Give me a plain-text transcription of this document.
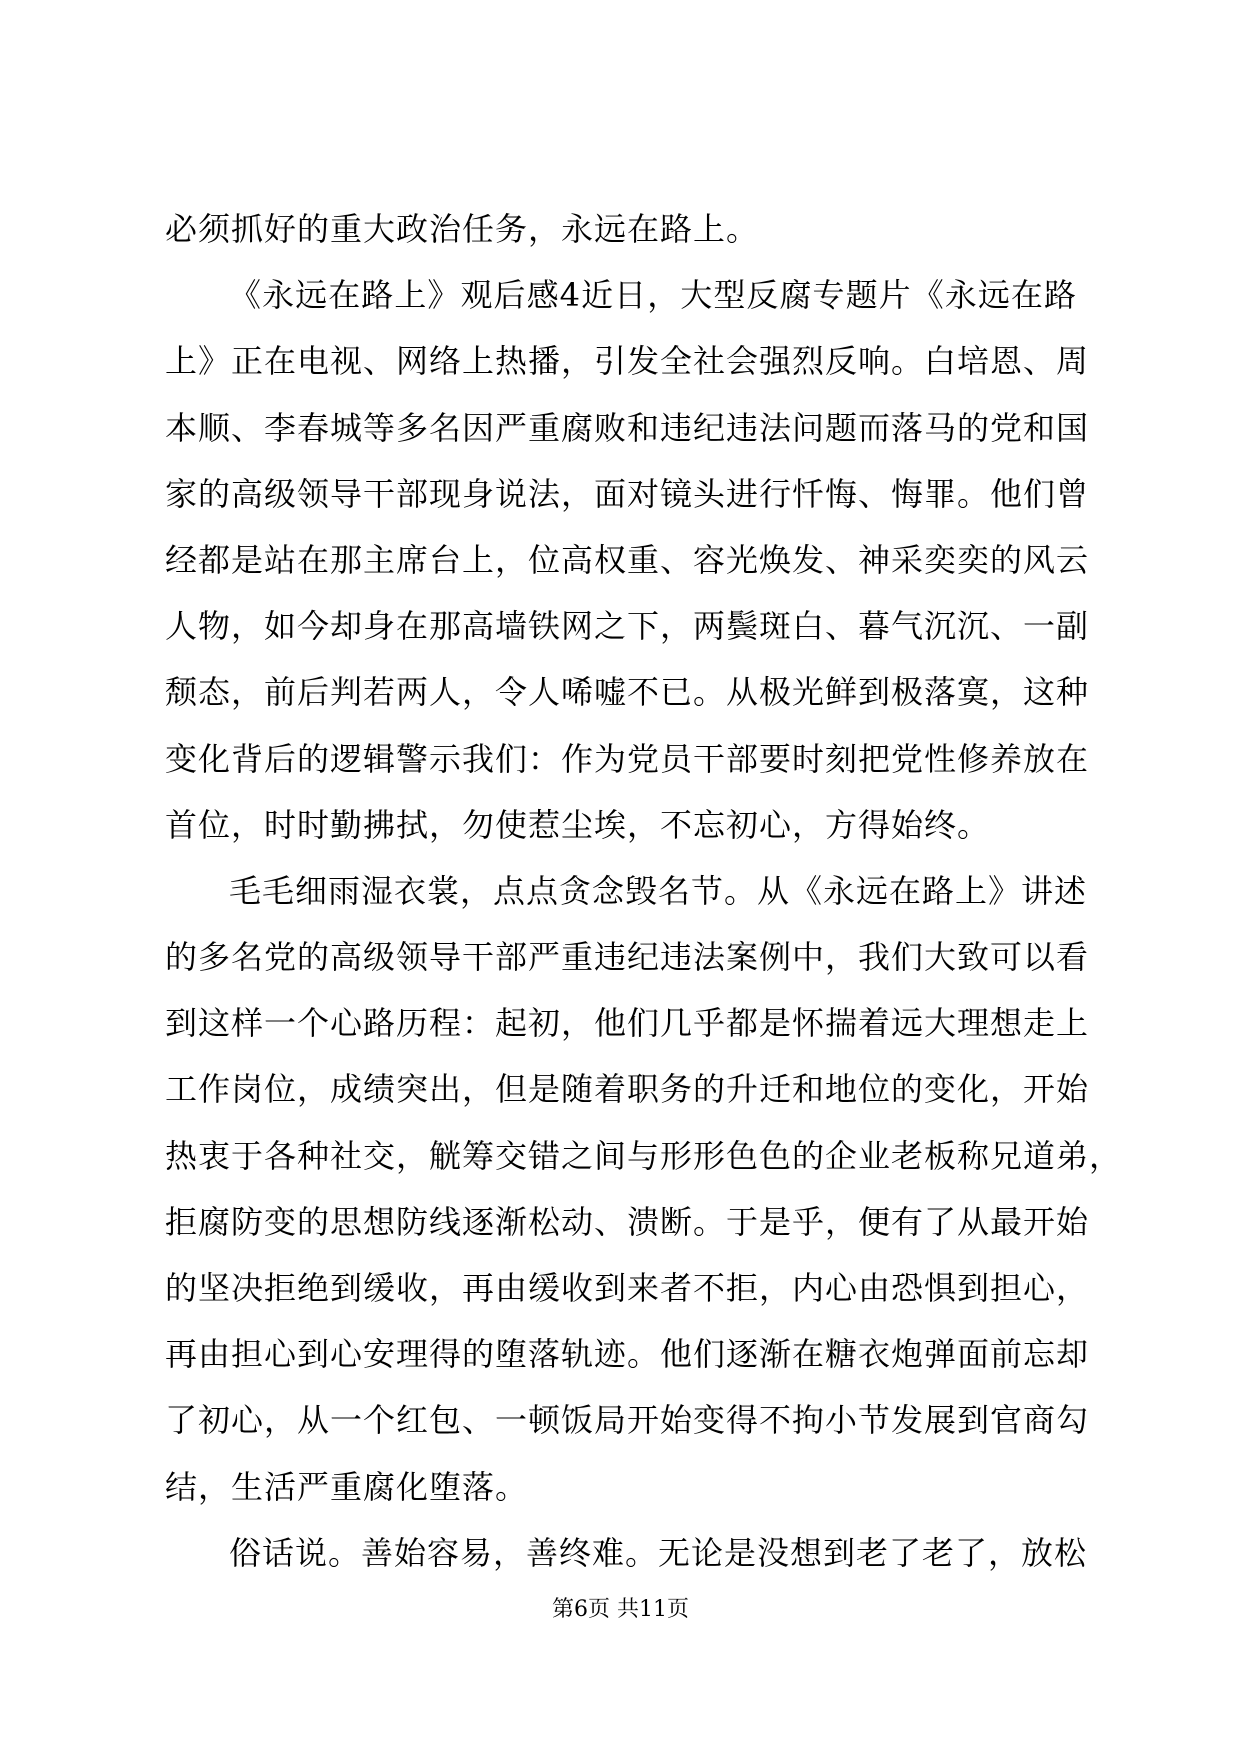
必须抓好的重大政治任务，永远在路上。
《永远在路上》观后感4近日，大型反腐专题片《永远在路
上》正在电视、网络上热播，引发全社会强烈反响。白培恩、周
本顺、李春城等多名因严重腐败和违纪违法问题而落马的党和国
家的高级领导干部现身说法，面对镜头进行忏悔、悔罪。他们曾
经都是站在那主席台上，位高权重、容光焕发、神采奕奕的风云
人物，如今却身在那高墙铁网之下，两鬓斑白、暮气沉沉、一副
颓态，前后判若两人，令人唏嘘不已。从极光鲜到极落寞，这种
变化背后的逻辑警示我们：作为党员干部要时刻把党性修养放在
首位，时时勤拂拭，勿使惹尘埃，不忘初心，方得始终。
毛毛细雨湿衣裳，点点贪念毁名节。从《永远在路上》讲述
的多名党的高级领导干部严重违纪违法案例中，我们大致可以看
到这样一个心路历程：起初，他们几乎都是怀揣着远大理想走上
工作岗位，成绩突出，但是随着职务的升迁和地位的变化，开始
热衷于各种社交，觥筹交错之间与形形色色的企业老板称兄道弟，
拒腐防变的思想防线逐渐松动、溃断。于是乎，便有了从最开始
的坚决拒绝到缓收，再由缓收到来者不拒，内心由恐惧到担心，
再由担心到心安理得的堕落轨迹。他们逐渐在糖衣炮弹面前忘却
了初心，从一个红包、一顿饭局开始变得不拘小节发展到官商勾
结，生活严重腐化堕落。
俗话说。善始容易，善终难。无论是没想到老了老了，放松
第6页 共11页
